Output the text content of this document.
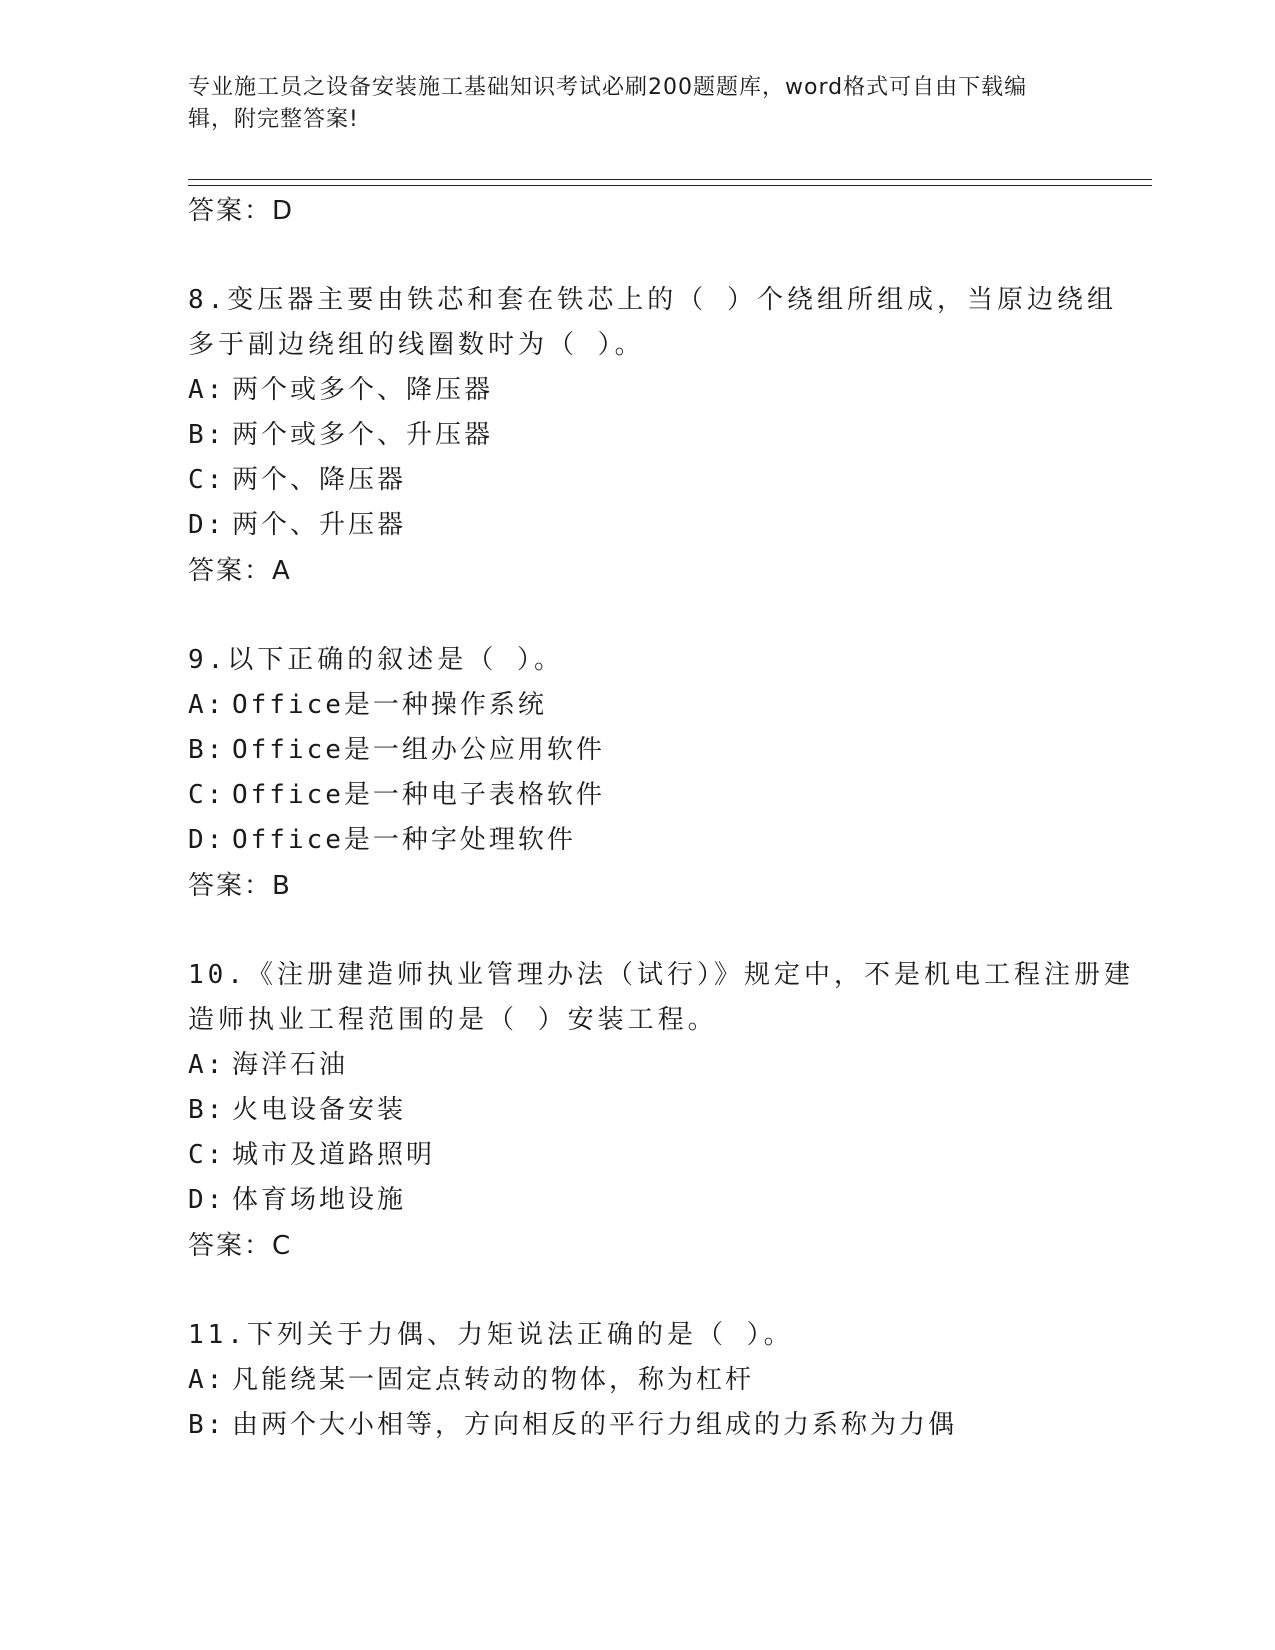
专业施工员之设备安装施工基础知识考试必刷200题题库，word格式可自由下载编辑，附完整答案!
答案：D
8.变压器主要由铁芯和套在铁芯上的（ ）个绕组所组成，当原边绕组多于副边绕组的线圈数时为（ ）。
A: 两个或多个、降压器
B: 两个或多个、升压器
C: 两个、降压器
D: 两个、升压器
答案：A
9.以下正确的叙述是（ ）。
A: Office是一种操作系统
B: Office是一组办公应用软件
C: Office是一种电子表格软件
D: Office是一种字处理软件
答案：B
10.《注册建造师执业管理办法（试行）》规定中，不是机电工程注册建造师执业工程范围的是（ ）安装工程。
A: 海洋石油
B: 火电设备安装
C: 城市及道路照明
D: 体育场地设施
答案：C
11.下列关于力偶、力矩说法正确的是（ ）。
A: 凡能绕某一固定点转动的物体，称为杠杆
B: 由两个大小相等，方向相反的平行力组成的力系称为力偶
